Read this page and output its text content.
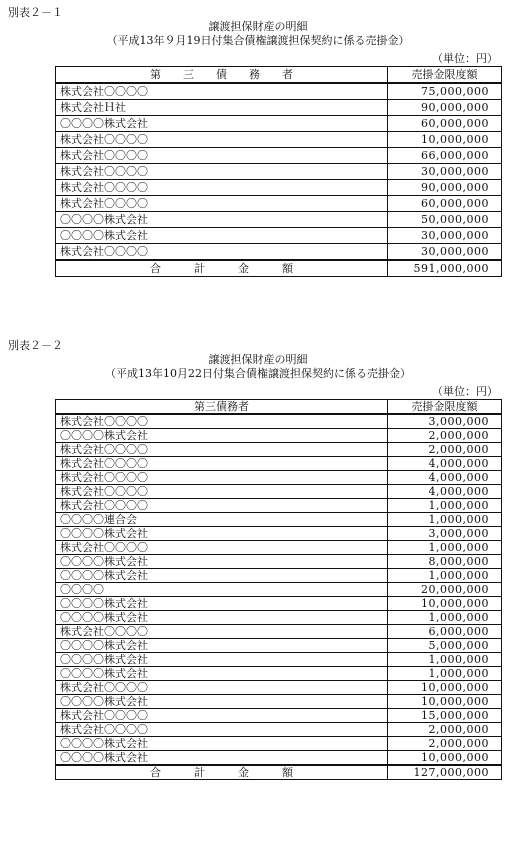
別表２－１
譲渡担保財産の明細
（平成13年９月19日付集合債権譲渡担保契約に係る売掛金）
（単位：円）
第　　三　　債　　務　　者	売掛金限度額
株式会社〇〇〇〇	75,000,000
株式会社Ｈ社	90,000,000
〇〇〇〇株式会社	60,000,000
株式会社〇〇〇〇	10,000,000
株式会社〇〇〇〇	66,000,000
株式会社〇〇〇〇	30,000,000
株式会社〇〇〇〇	90,000,000
株式会社〇〇〇〇	60,000,000
〇〇〇〇株式会社	50,000,000
〇〇〇〇株式会社	30,000,000
株式会社〇〇〇〇	30,000,000
合　　　計　　　金　　　額	591,000,000
別表２－２
譲渡担保財産の明細
（平成13年10月22日付集合債権譲渡担保契約に係る売掛金）
（単位：円）
第三債務者	売掛金限度額
株式会社〇〇〇〇	3,000,000
〇〇〇〇株式会社	2,000,000
株式会社〇〇〇〇	2,000,000
株式会社〇〇〇〇	4,000,000
株式会社〇〇〇〇	4,000,000
株式会社〇〇〇〇	4,000,000
株式会社〇〇〇〇	1,000,000
〇〇〇〇連合会	1,000,000
〇〇〇〇株式会社	3,000,000
株式会社〇〇〇〇	1,000,000
〇〇〇〇株式会社	8,000,000
〇〇〇〇株式会社	1,000,000
〇〇〇〇	20,000,000
〇〇〇〇株式会社	10,000,000
〇〇〇〇株式会社	1,000,000
株式会社〇〇〇〇	6,000,000
〇〇〇〇株式会社	5,000,000
〇〇〇〇株式会社	1,000,000
〇〇〇〇株式会社	1,000,000
株式会社〇〇〇〇	10,000,000
〇〇〇〇株式会社	10,000,000
株式会社〇〇〇〇	15,000,000
株式会社〇〇〇〇	2,000,000
〇〇〇〇株式会社	2,000,000
〇〇〇〇株式会社	10,000,000
合　　　計　　　金　　　額	127,000,000
